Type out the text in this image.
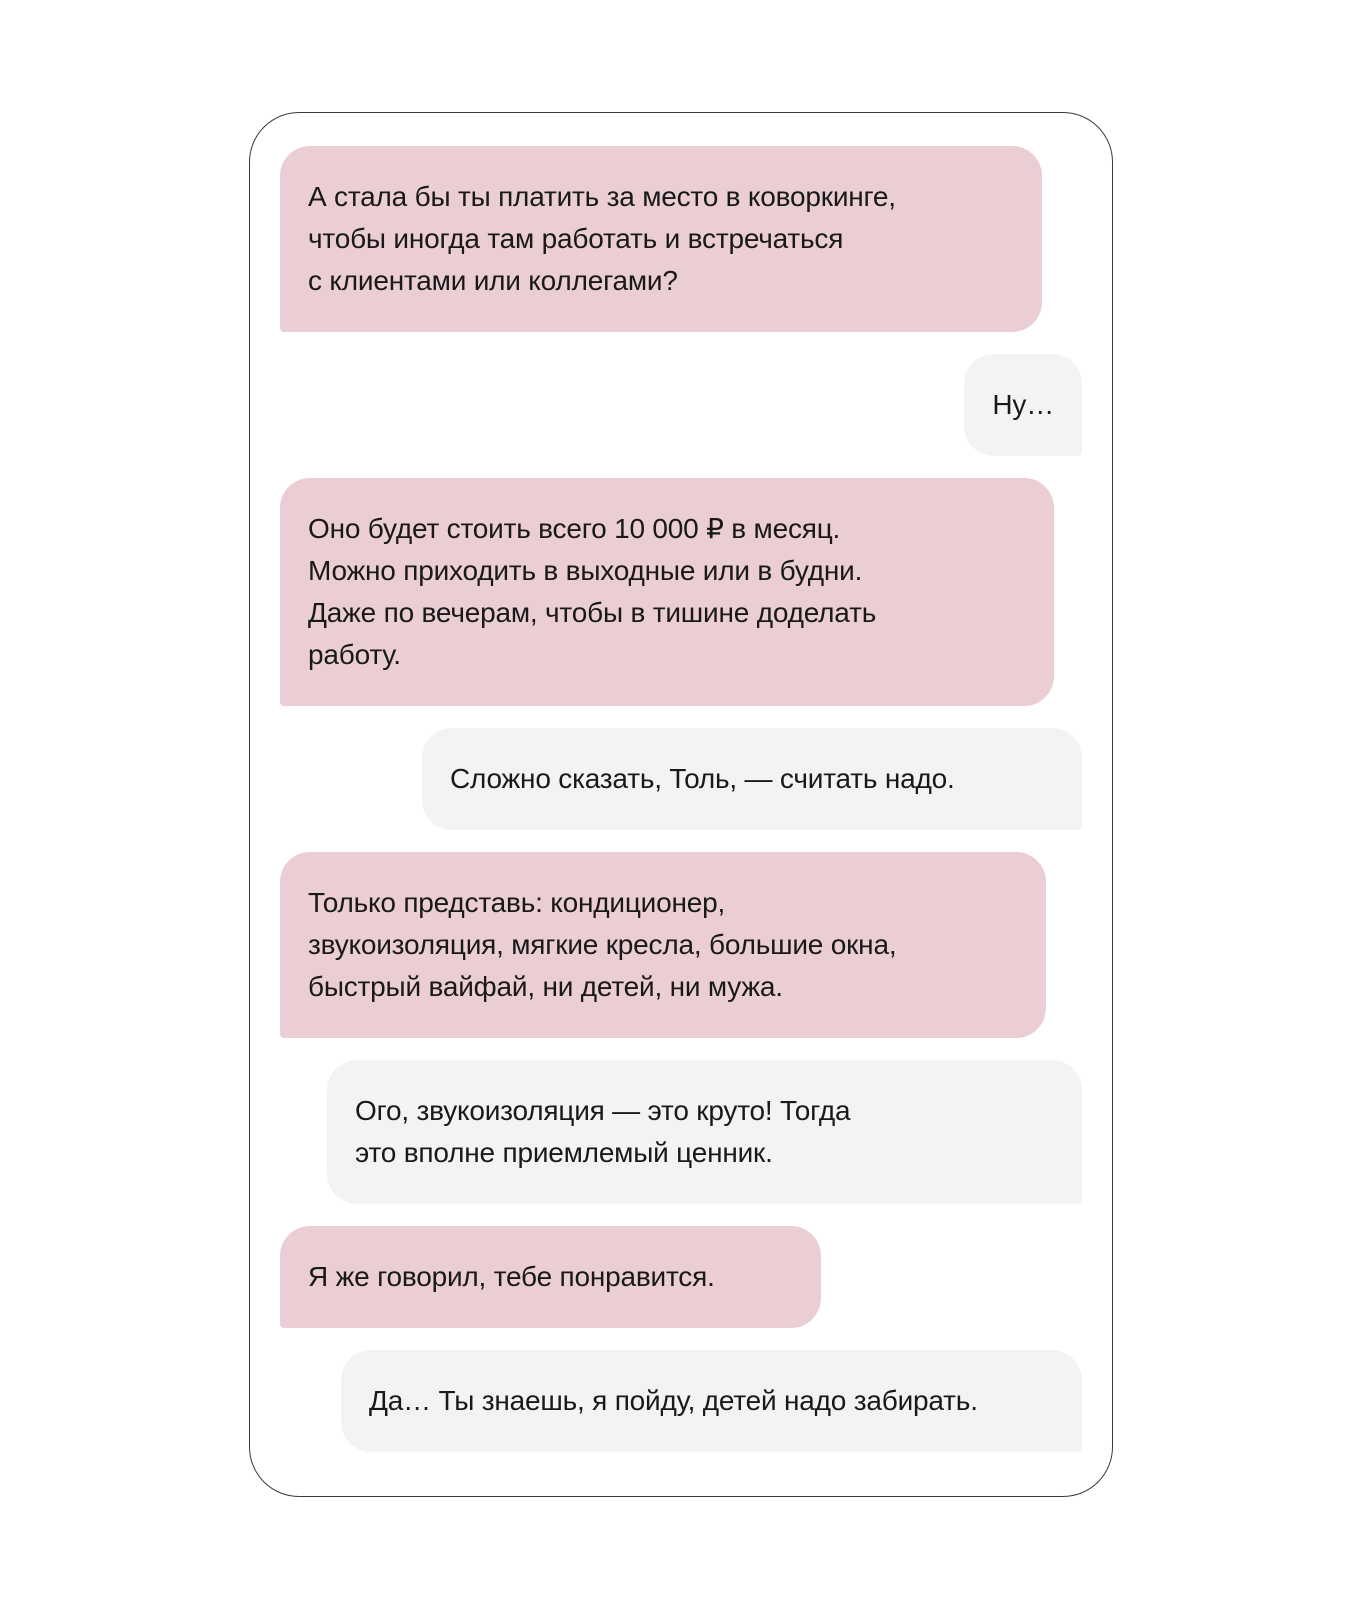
А стала бы ты платить за место в коворкинге,
чтобы иногда там работать и встречаться
с клиентами или коллегами?
Ну…
Оно будет стоить всего 10 000 ₽ в месяц.
Можно приходить в выходные или в будни.
Даже по вечерам, чтобы в тишине доделать
работу.
Сложно сказать, Толь, — считать надо.
Только представь: кондиционер,
звукоизоляция, мягкие кресла, большие окна,
быстрый вайфай, ни детей, ни мужа.
Ого, звукоизоляция — это круто! Тогда
это вполне приемлемый ценник.
Я же говорил, тебе понравится.
Да… Ты знаешь, я пойду, детей надо забирать.
